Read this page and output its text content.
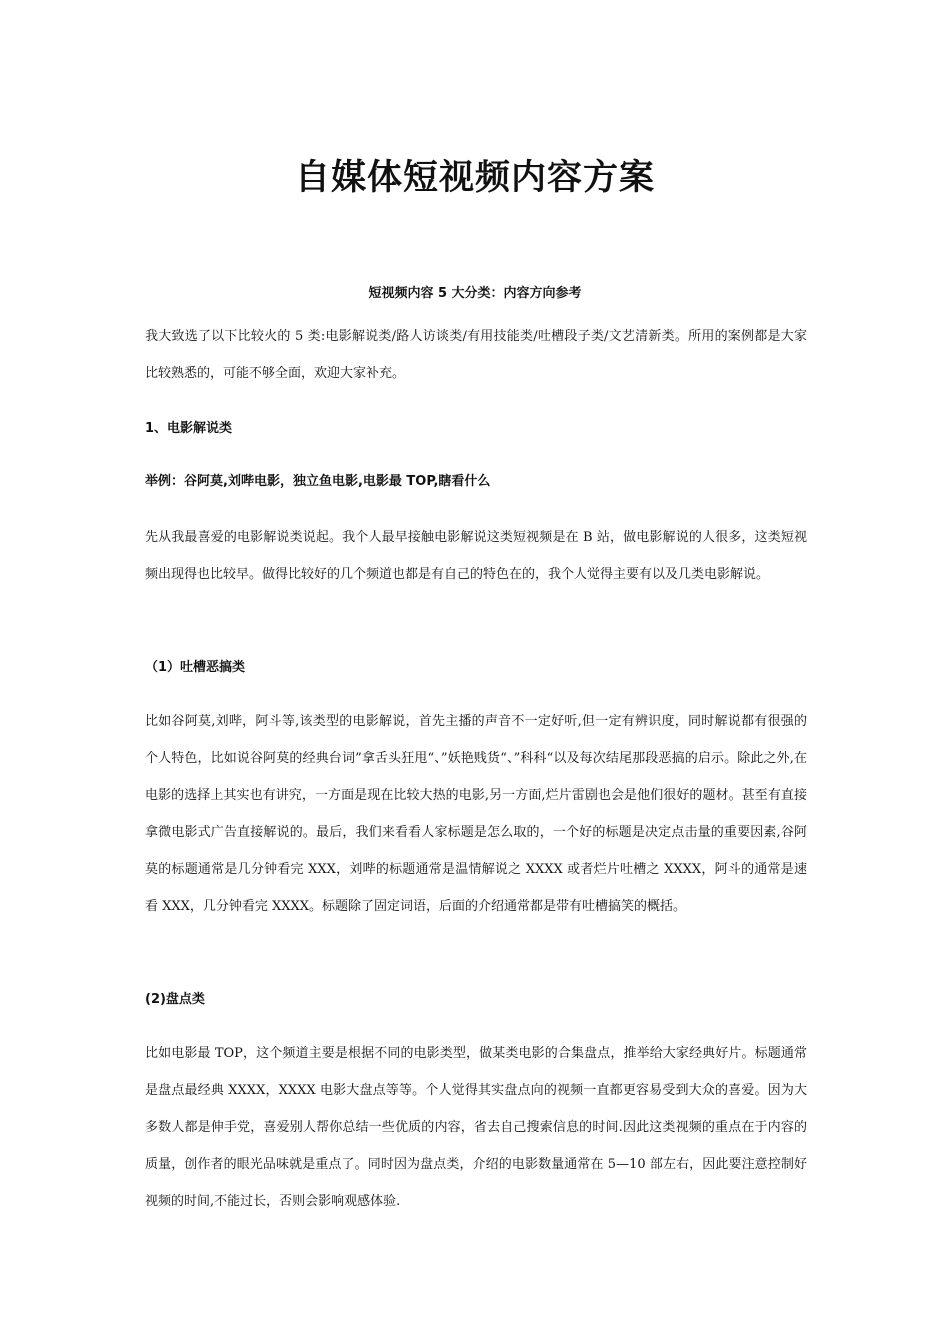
自媒体短视频内容方案
短视频内容 5 大分类：内容方向参考

我大致选了以下比较火的 5 类:电影解说类/路人访谈类/有用技能类/吐槽段子类/文艺清新类。所用的案例都是大家比较熟悉的，可能不够全面，欢迎大家补充。

1、电影解说类

举例：谷阿莫,刘哔电影，独立鱼电影,电影最 TOP,瞎看什么

先从我最喜爱的电影解说类说起。我个人最早接触电影解说这类短视频是在 B 站，做电影解说的人很多，这类短视频出现得也比较早。做得比较好的几个频道也都是有自己的特色在的，我个人觉得主要有以及几类电影解说。

（1）吐槽恶搞类

比如谷阿莫,刘哔，阿斗等,该类型的电影解说，首先主播的声音不一定好听,但一定有辨识度，同时解说都有很强的个人特色，比如说谷阿莫的经典台词”拿舌头狂甩“、”妖艳贱货“、”科科“以及每次结尾那段恶搞的启示。除此之外,在电影的选择上其实也有讲究，一方面是现在比较大热的电影,另一方面,烂片雷剧也会是他们很好的题材。甚至有直接拿微电影式广告直接解说的。最后，我们来看看人家标题是怎么取的，一个好的标题是决定点击量的重要因素,谷阿莫的标题通常是几分钟看完 XXX，刘哔的标题通常是温情解说之 XXXX 或者烂片吐槽之 XXXX，阿斗的通常是速看 XXX，几分钟看完 XXXX。标题除了固定词语，后面的介绍通常都是带有吐槽搞笑的概括。

(2)盘点类

比如电影最 TOP，这个频道主要是根据不同的电影类型，做某类电影的合集盘点，推举给大家经典好片。标题通常是盘点最经典 XXXX，XXXX 电影大盘点等等。个人觉得其实盘点向的视频一直都更容易受到大众的喜爱。因为大多数人都是伸手党，喜爱别人帮你总结一些优质的内容，省去自己搜索信息的时间.因此这类视频的重点在于内容的质量，创作者的眼光品味就是重点了。同时因为盘点类，介绍的电影数量通常在 5—10 部左右，因此要注意控制好视频的时间,不能过长，否则会影响观感体验.
